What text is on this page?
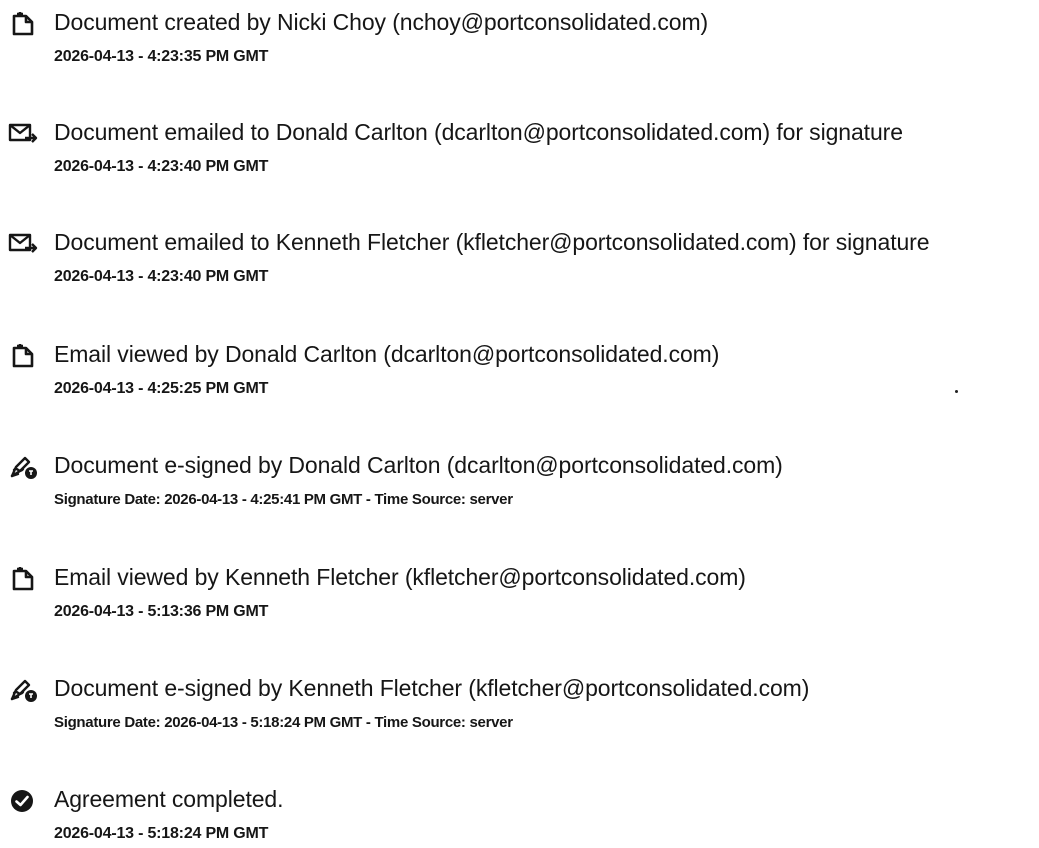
Document created by Nicki Choy (nchoy@portconsolidated.com)
2026-04-13 - 4:23:35 PM GMT
Document emailed to Donald Carlton (dcarlton@portconsolidated.com) for signature
2026-04-13 - 4:23:40 PM GMT
Document emailed to Kenneth Fletcher (kfletcher@portconsolidated.com) for signature
2026-04-13 - 4:23:40 PM GMT
Email viewed by Donald Carlton (dcarlton@portconsolidated.com)
2026-04-13 - 4:25:25 PM GMT
Document e-signed by Donald Carlton (dcarlton@portconsolidated.com)
Signature Date: 2026-04-13 - 4:25:41 PM GMT - Time Source: server
Email viewed by Kenneth Fletcher (kfletcher@portconsolidated.com)
2026-04-13 - 5:13:36 PM GMT
Document e-signed by Kenneth Fletcher (kfletcher@portconsolidated.com)
Signature Date: 2026-04-13 - 5:18:24 PM GMT - Time Source: server
Agreement completed.
2026-04-13 - 5:18:24 PM GMT
